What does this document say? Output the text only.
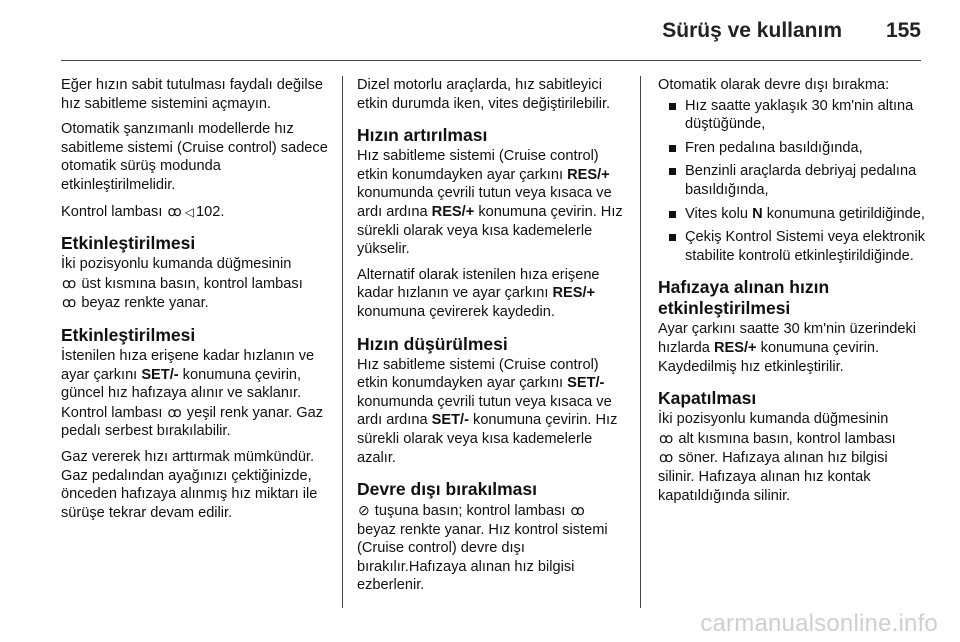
Sürüş ve kullanım 155

Eğer hızın sabit tutulması faydalı değilse hız sabitleme sistemini açmayın.

Otomatik şanzımanlı modellerde hız sabitleme sistemi (Cruise control) sadece otomatik sürüş modunda etkinleştirilmelidir.

Kontrol lambası ꝏ ◁ 102.

Etkinleştirilmesi

İki pozisyonlu kumanda düğmesinin
ꝏ üst kısmına basın, kontrol lambası
ꝏ beyaz renkte yanar.

Etkinleştirilmesi

İstenilen hıza erişene kadar hızlanın ve ayar çarkını SET/- konumuna çevirin, güncel hız hafızaya alınır ve saklanır. Kontrol lambası ꝏ yeşil renk yanar. Gaz pedalı serbest bırakılabilir.

Gaz vererek hızı arttırmak mümkündür. Gaz pedalından ayağınızı çektiğinizde, önceden hafızaya alınmış hız miktarı ile sürüşe tekrar devam edilir.

Dizel motorlu araçlarda, hız sabitleyici etkin durumda iken, vites değiştirilebilir.

Hızın artırılması

Hız sabitleme sistemi (Cruise control) etkin konumdayken ayar çarkını RES/+ konumunda çevrili tutun veya kısaca ve ardı ardına RES/+ konumuna çevirin. Hız sürekli olarak veya kısa kademelerle yükselir.

Alternatif olarak istenilen hıza erişene kadar hızlanın ve ayar çarkını RES/+ konumuna çevirerek kaydedin.

Hızın düşürülmesi

Hız sabitleme sistemi (Cruise control) etkin konumdayken ayar çarkını SET/- konumunda çevrili tutun veya kısaca ve ardı ardına SET/- konumuna çevirin. Hız sürekli olarak veya kısa kademelerle azalır.

Devre dışı bırakılması

⊘ tuşuna basın; kontrol lambası ꝏ beyaz renkte yanar. Hız kontrol sistemi (Cruise control) devre dışı bırakılır.Hafızaya alınan hız bilgisi ezberlenir.

Otomatik olarak devre dışı bırakma:

Hız saatte yaklaşık 30 km'nin altına düştüğünde,
Fren pedalına basıldığında,
Benzinli araçlarda debriyaj pedalına basıldığında,
Vites kolu N konumuna getirildiğinde,
Çekiş Kontrol Sistemi veya elektronik stabilite kontrolü etkinleştirildiğinde.
Hafızaya alınan hızın etkinleştirilmesi

Ayar çarkını saatte 30 km'nin üzerindeki hızlarda RES/+ konumuna çevirin. Kaydedilmiş hız etkinleştirilir.

Kapatılması

İki pozisyonlu kumanda düğmesinin
ꝏ alt kısmına basın, kontrol lambası
ꝏ söner. Hafızaya alınan hız bilgisi silinir. Hafızaya alınan hız kontak kapatıldığında silinir.

carmanualsonline.info
